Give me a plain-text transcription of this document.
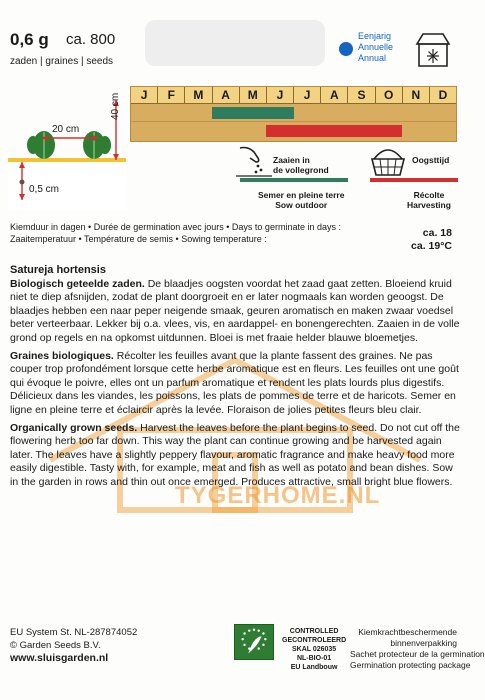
0,6 g ca. 800
zaden | graines | seeds
Eenjarig
Annuelle
Annual
20 cm
40 cm
0,5 cm
J	F	M	A	M	J	J	A	S	O	N	D
Zaaien in
de vollegrond
Semer en pleine terre
Sow outdoor
Oogsttijd
Récolte
Harvesting
Kiemduur in dagen • Durée de germination avec jours • Days to germinate in days :
Zaaitemperatuur • Température de semis • Sowing temperature :	ca. 18
ca. 19°C
TYGERHOME.NL

Satureja hortensis
Biologisch geteelde zaden. De blaadjes oogsten voordat het zaad gaat zetten. Bloeiend kruid niet te diep afsnijden, zodat de plant doorgroeit en er later nogmaals kan worden geoogst. De blaadjes hebben een naar peper neigende smaak, geuren aromatisch en maken zwaar voedsel beter verteerbaar. Lekker bij o.a. vlees, vis, en aardappel- en bonengerechten. Zaaien in de volle grond op regels en na opkomst uitdunnen. Bloei is met fraaie helder blauwe bloemetjes.

Graines biologiques. Récolter les feuilles avant que la plante fassent des graines. Ne pas couper trop profondément lorsque cette herbe aromatique est en fleurs. Les feuilles ont une goût qui évoque le poivre, elles ont un parfum aromatique et rendent les plats lourds plus digestifs. Délicieux dans les viandes, les poissons, les plats de pommes de terre et de haricots. Semer en ligne en pleine terre et éclaircir après la levée. Floraison de jolies petites fleurs bleu clair.

Organically grown seeds. Harvest the leaves before the plant begins to seed. Do not cut off the flowering herb too far down. This way the plant can continue growing and be harvested again later. The leaves have a slightly peppery flavour, aromatic fragrance and make heavy food more easily digestible. Tasty with, for example, meat and fish as well as potato and bean dishes. Sow in the garden in rows and thin out once emerged. Produces attractive, small bright blue flowers.

EU System St. NL-287874052
© Garden Seeds B.V.
www.sluisgarden.nl
CONTROLLED
GECONTROLEERD
SKAL 026035
NL-BIO-01
EU Landbouw
Kiemkrachtbeschermende
binnenverpakking
Sachet protecteur de la germination
Germination protecting package
